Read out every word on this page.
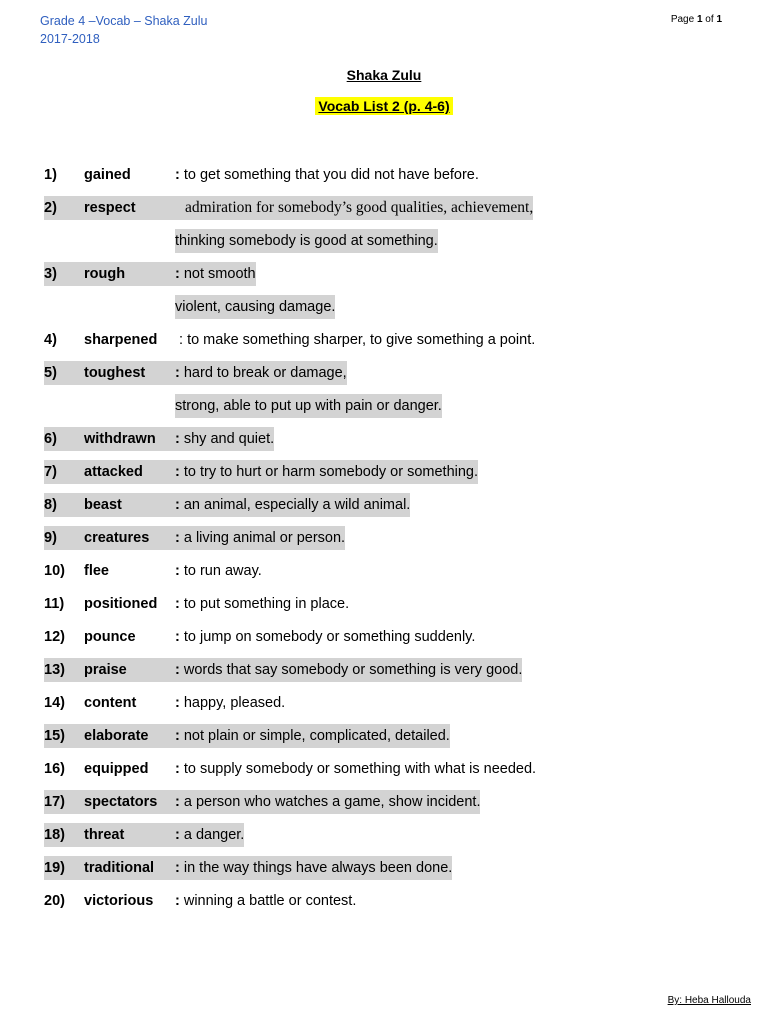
Grade 4 –Vocab – Shaka Zulu
2017-2018
Page 1 of 1
Shaka Zulu
Vocab List 2 (p. 4-6)
1)	gained	: to get something that you did not have before.
2)	respect	admiration for somebody’s good qualities, achievement,
thinking somebody is good at something.
3)	rough	: not smooth
violent, causing damage.
4)	sharpened	: to make something sharper, to give something a point.
5)	toughest	: hard to break or damage,
strong, able to put up with pain or danger.
6)	withdrawn	: shy and quiet.
7)	attacked	: to try to hurt or harm somebody or something.
8)	beast	: an animal, especially a wild animal.
9)	creatures	: a living animal or person.
10)	flee	: to run away.
11)	positioned	: to put something in place.
12)	pounce	: to jump on somebody or something suddenly.
13)	praise	: words that say somebody or something is very good.
14)	content	: happy, pleased.
15)	elaborate	: not plain or simple, complicated, detailed.
16)	equipped	: to supply somebody or something with what is needed.
17)	spectators	: a person who watches a game, show incident.
18)	threat	: a danger.
19)	traditional	: in the way things have always been done.
20)	victorious	: winning a battle or contest.
By: Heba Hallouda
